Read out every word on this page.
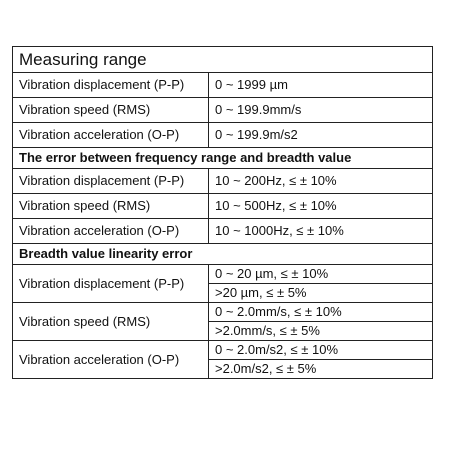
Measuring range	
Vibration displacement (P-P)	0 ~ 1999 µm
Vibration speed (RMS)	0 ~ 199.9mm/s
Vibration acceleration (O-P)	0 ~ 199.9m/s2
The error between frequency range and breadth value	
Vibration displacement (P-P)	10 ~ 200Hz, ≤ ± 10%
Vibration speed (RMS)	10 ~ 500Hz, ≤ ± 10%
Vibration acceleration (O-P)	10 ~ 1000Hz, ≤ ± 10%
Breadth value linearity error	
Vibration displacement (P-P)	0 ~ 20 µm, ≤ ± 10%
	>20 µm, ≤ ± 5%
Vibration speed (RMS)	0 ~ 2.0mm/s, ≤ ± 10%
	>2.0mm/s, ≤ ± 5%
Vibration acceleration (O-P)	0 ~ 2.0m/s2, ≤ ± 10%
	>2.0m/s2, ≤ ± 5%
